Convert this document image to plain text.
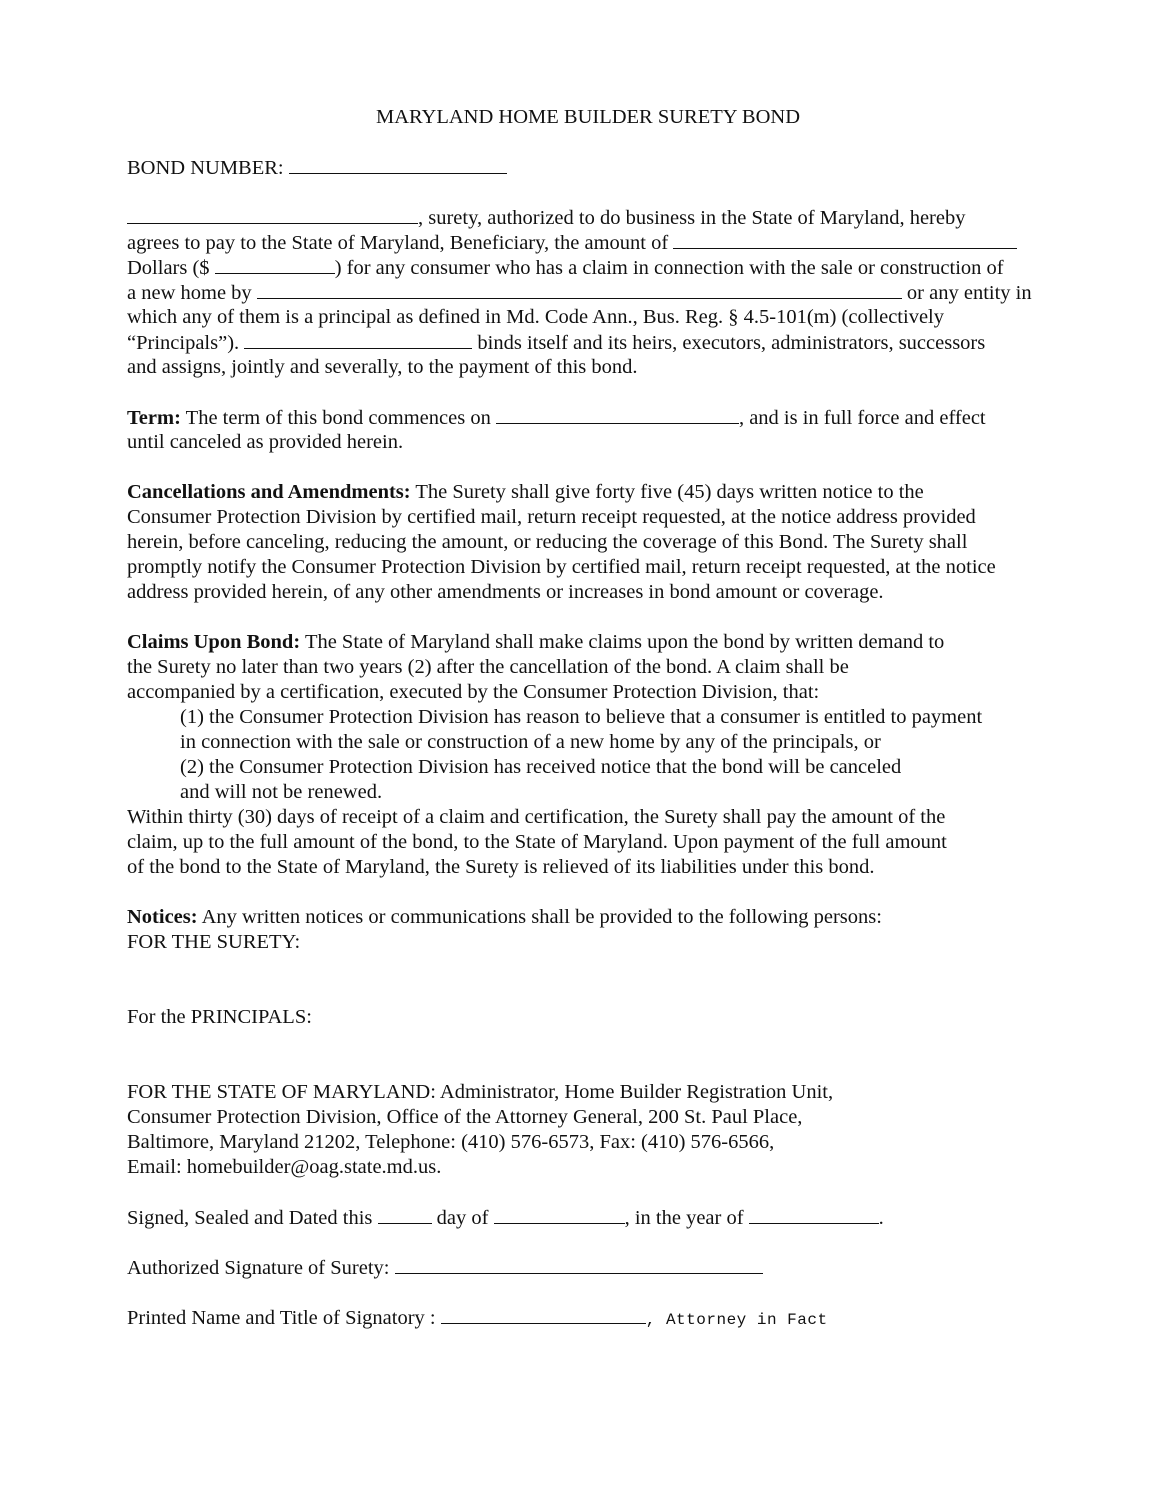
MARYLAND HOME BUILDER SURETY BOND
BOND NUMBER:
, surety, authorized to do business in the State of Maryland, hereby
agrees to pay to the State of Maryland, Beneficiary, the amount of
Dollars ($	) for any consumer who has a claim in connection with the sale or construction of
a new home by	or any entity in
which any of them is a principal as defined in Md. Code Ann., Bus. Reg. § 4.5-101(m) (collectively
“Principals”).	binds itself and its heirs, executors, administrators, successors
and assigns, jointly and severally, to the payment of this bond.
Term: The term of this bond commences on	, and is in full force and effect
until canceled as provided herein.
Cancellations and Amendments: The Surety shall give forty five (45) days written notice to the
Consumer Protection Division by certified mail, return receipt requested, at the notice address provided
herein, before canceling, reducing the amount, or reducing the coverage of this Bond. The Surety shall
promptly notify the Consumer Protection Division by certified mail, return receipt requested, at the notice
address provided herein, of any other amendments or increases in bond amount or coverage.
Claims Upon Bond: The State of Maryland shall make claims upon the bond by written demand to
the Surety no later than two years (2) after the cancellation of the bond. A claim shall be
accompanied by a certification, executed by the Consumer Protection Division, that:
(1) the Consumer Protection Division has reason to believe that a consumer is entitled to payment
in connection with the sale or construction of a new home by any of the principals, or
(2) the Consumer Protection Division has received notice that the bond will be canceled
and will not be renewed.
Within thirty (30) days of receipt of a claim and certification, the Surety shall pay the amount of the
claim, up to the full amount of the bond, to the State of Maryland. Upon payment of the full amount
of the bond to the State of Maryland, the Surety is relieved of its liabilities under this bond.
Notices: Any written notices or communications shall be provided to the following persons:
FOR THE SURETY:
For the PRINCIPALS:
FOR THE STATE OF MARYLAND: Administrator, Home Builder Registration Unit,
Consumer Protection Division, Office of the Attorney General, 200 St. Paul Place,
Baltimore, Maryland 21202, Telephone: (410) 576-6573, Fax: (410) 576-6566,
Email: homebuilder@oag.state.md.us.
Signed, Sealed and Dated this	day of	, in the year of	.
Authorized Signature of Surety:
Printed Name and Title of Signatory :	, Attorney in Fact
